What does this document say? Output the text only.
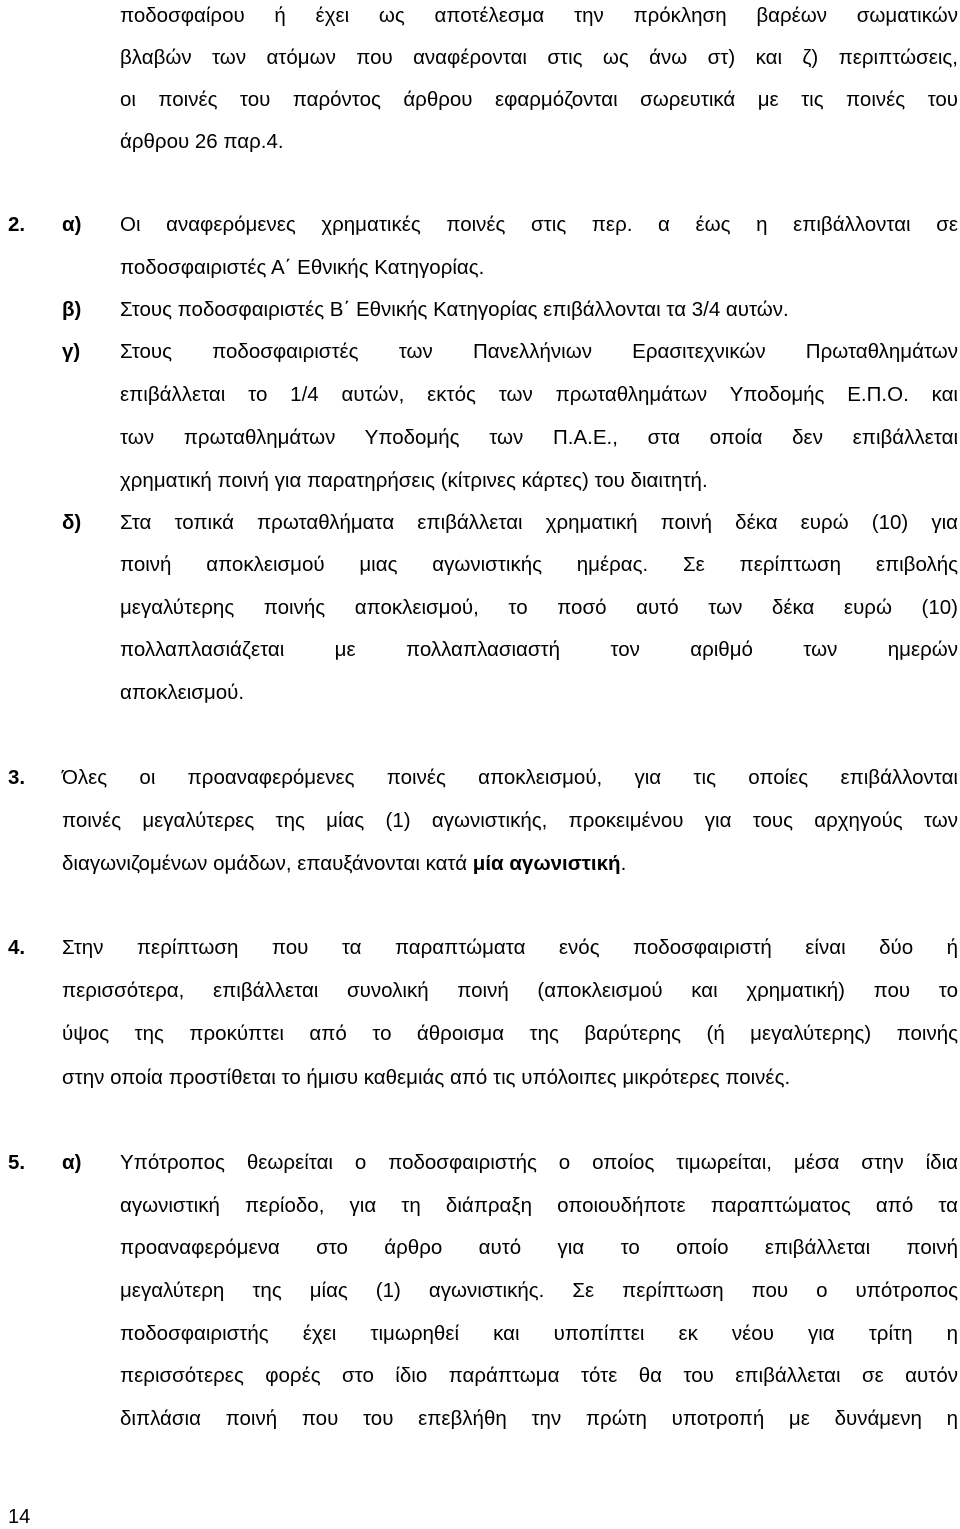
ποδοσφαίρου ή έχει ως αποτέλεσμα την πρόκληση βαρέων σωματικών
βλαβών των ατόμων που αναφέρονται στις ως άνω στ) και ζ) περιπτώσεις,
οι ποινές του παρόντος άρθρου εφαρμόζονται σωρευτικά με τις ποινές του
άρθρου 26 παρ.4.
2. α) Οι αναφερόμενες χρηματικές ποινές στις περ. α έως η επιβάλλονται σε
ποδοσφαιριστές Α΄ Εθνικής Κατηγορίας.
β) Στους ποδοσφαιριστές Β΄ Εθνικής Κατηγορίας επιβάλλονται τα 3/4 αυτών.
γ) Στους ποδοσφαιριστές των Πανελλήνιων Ερασιτεχνικών Πρωταθλημάτων
επιβάλλεται το 1/4 αυτών, εκτός των πρωταθλημάτων Υποδομής Ε.Π.Ο. και
των πρωταθλημάτων Υποδομής των Π.Α.Ε., στα οποία δεν επιβάλλεται
χρηματική ποινή για παρατηρήσεις (κίτρινες κάρτες) του διαιτητή.
δ) Στα τοπικά πρωταθλήματα επιβάλλεται χρηματική ποινή δέκα ευρώ (10) για
ποινή αποκλεισμού μιας αγωνιστικής ημέρας. Σε περίπτωση επιβολής
μεγαλύτερης ποινής αποκλεισμού, το ποσό αυτό των δέκα ευρώ (10)
πολλαπλασιάζεται με πολλαπλασιαστή τον αριθμό των ημερών
αποκλεισμού.
3. Όλες οι προαναφερόμενες ποινές αποκλεισμού, για τις οποίες επιβάλλονται
ποινές μεγαλύτερες της μίας (1) αγωνιστικής, προκειμένου για τους αρχηγούς των
διαγωνιζομένων ομάδων, επαυξάνονται κατά μία αγωνιστική.
4. Στην περίπτωση που τα παραπτώματα ενός ποδοσφαιριστή είναι δύο ή
περισσότερα, επιβάλλεται συνολική ποινή (αποκλεισμού και χρηματική) που το
ύψος της προκύπτει από το άθροισμα της βαρύτερης (ή μεγαλύτερης) ποινής
στην οποία προστίθεται το ήμισυ καθεμιάς από τις υπόλοιπες μικρότερες ποινές.
5. α) Υπότροπος θεωρείται ο ποδοσφαιριστής ο οποίος τιμωρείται, μέσα στην ίδια
αγωνιστική περίοδο, για τη διάπραξη οποιουδήποτε παραπτώματος από τα
προαναφερόμενα στο άρθρο αυτό για το οποίο επιβάλλεται ποινή
μεγαλύτερη της μίας (1) αγωνιστικής. Σε περίπτωση που ο υπότροπος
ποδοσφαιριστής έχει τιμωρηθεί και υποπίπτει εκ νέου για τρίτη η
περισσότερες φορές στο ίδιο παράπτωμα τότε θα του επιβάλλεται σε αυτόν
διπλάσια ποινή που του επεβλήθη την πρώτη υποτροπή με δυνάμενη η
14
